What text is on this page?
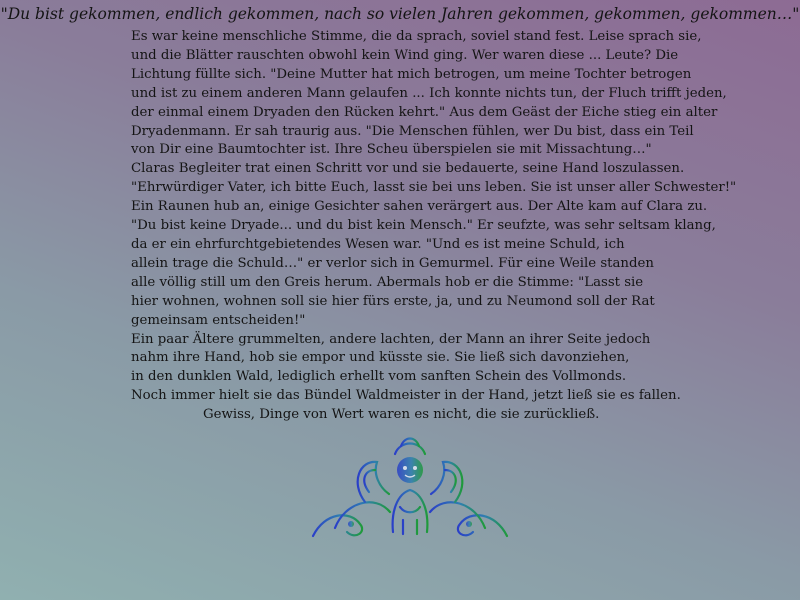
"Du bist gekommen, endlich gekommen, nach so vielen Jahren gekommen, gekommen, gekommen…"
Es war keine menschliche Stimme, die da sprach, soviel stand fest. Leise sprach sie,
und die Blätter rauschten obwohl kein Wind ging. Wer waren diese ... Leute? Die
Lichtung füllte sich. "Deine Mutter hat mich betrogen, um meine Tochter betrogen
und ist zu einem anderen Mann gelaufen ... Ich konnte nichts tun, der Fluch trifft jeden,
der einmal einem Dryaden den Rücken kehrt." Aus dem Geäst der Eiche stieg ein alter
Dryadenmann. Er sah traurig aus. "Die Menschen fühlen, wer Du bist, dass ein Teil
von Dir eine Baumtochter ist. Ihre Scheu überspielen sie mit Missachtung…"
Claras Begleiter trat einen Schritt vor und sie bedauerte, seine Hand loszulassen.
"Ehrwürdiger Vater, ich bitte Euch, lasst sie bei uns leben. Sie ist unser aller Schwester!"
Ein Raunen hub an, einige Gesichter sahen verärgert aus. Der Alte kam auf Clara zu.
"Du bist keine Dryade... und du bist kein Mensch." Er seufzte, was sehr seltsam klang,
da er ein ehrfurchtgebietendes Wesen war. "Und es ist meine Schuld, ich
allein trage die Schuld…" er verlor sich in Gemurmel. Für eine Weile standen
alle völlig still um den Greis herum. Abermals hob er die Stimme: "Lasst sie
hier wohnen, wohnen soll sie hier fürs erste, ja, und zu Neumond soll der Rat
gemeinsam entscheiden!"
Ein paar Ältere grummelten, andere lachten, der Mann an ihrer Seite jedoch
nahm ihre Hand, hob sie empor und küsste sie. Sie ließ sich davonziehen,
in den dunklen Wald, lediglich erhellt vom sanften Schein des Vollmonds.
Noch immer hielt sie das Bündel Waldmeister in der Hand, jetzt ließ sie es fallen.
Gewiss, Dinge von Wert waren es nicht, die sie zurückließ.
